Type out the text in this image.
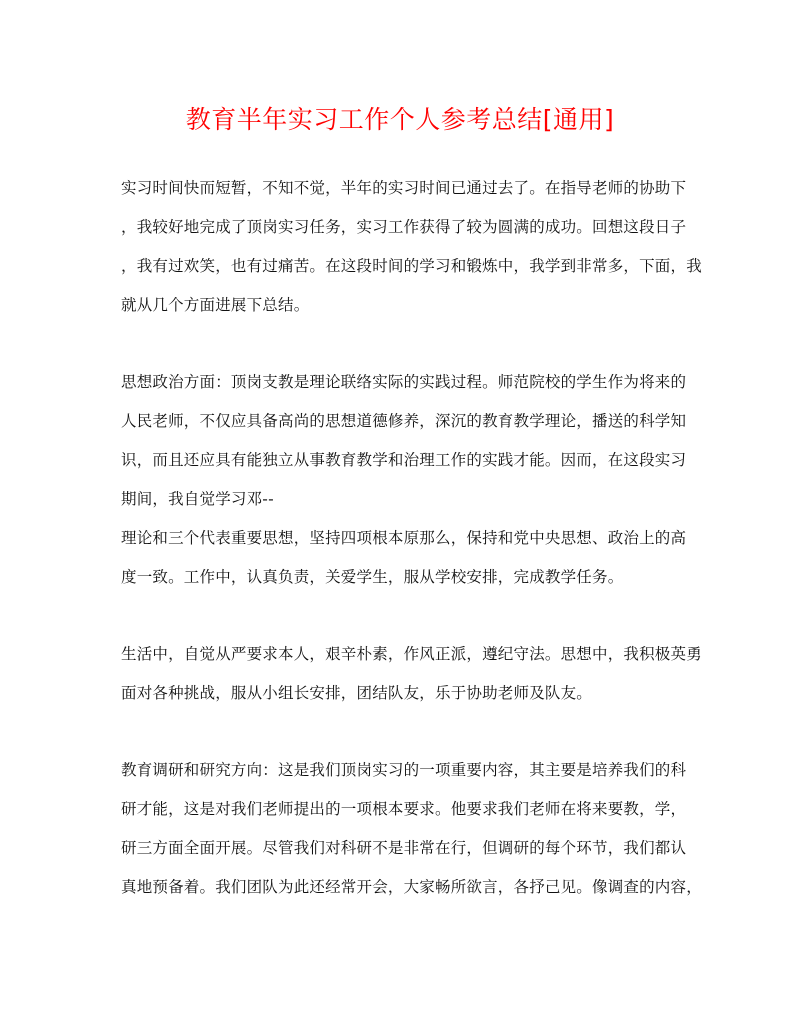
教育半年实习工作个人参考总结[通用]

实习时间快而短暂，不知不觉，半年的实习时间已通过去了。在指导老师的协助下

，我较好地完成了顶岗实习任务，实习工作获得了较为圆满的成功。回想这段日子

，我有过欢笑，也有过痛苦。在这段时间的学习和锻炼中，我学到非常多，下面，我

就从几个方面进展下总结。

思想政治方面：顶岗支教是理论联络实际的实践过程。师范院校的学生作为将来的

人民老师，不仅应具备高尚的思想道德修养，深沉的教育教学理论，播送的科学知

识，而且还应具有能独立从事教育教学和治理工作的实践才能。因而，在这段实习

期间，我自觉学习邓--

理论和三个代表重要思想，坚持四项根本原那么，保持和党中央思想、政治上的高

度一致。工作中，认真负责，关爱学生，服从学校安排，完成教学任务。

生活中，自觉从严要求本人，艰辛朴素，作风正派，遵纪守法。思想中，我积极英勇

面对各种挑战，服从小组长安排，团结队友，乐于协助老师及队友。

教育调研和研究方向：这是我们顶岗实习的一项重要内容，其主要是培养我们的科

研才能，这是对我们老师提出的一项根本要求。他要求我们老师在将来要教，学，

研三方面全面开展。尽管我们对科研不是非常在行，但调研的每个环节，我们都认

真地预备着。我们团队为此还经常开会，大家畅所欲言，各抒己见。像调查的内容，
